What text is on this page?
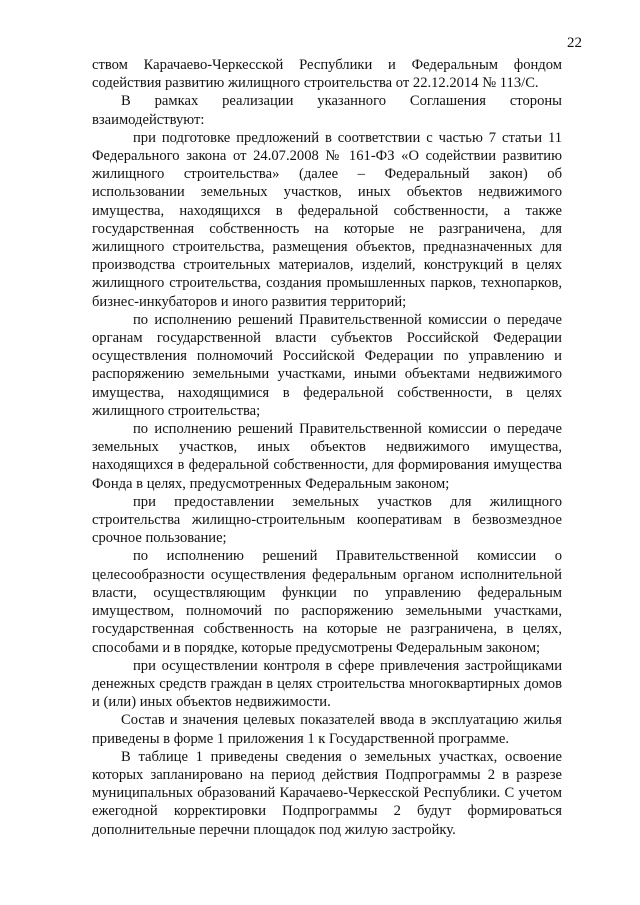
22

ством Карачаево-Черкесской Республики и Федеральным фондом содействия развитию жилищного строительства от 22.12.2014 № 113/С.

В рамках реализации указанного Соглашения стороны взаимодействуют:

при подготовке предложений в соответствии с частью 7 статьи 11 Федерального закона от 24.07.2008 № 161-ФЗ «О содействии развитию жилищного строительства» (далее – Федеральный закон) об использовании земельных участков, иных объектов недвижимого имущества, находящихся в федеральной собственности, а также государственная собственность на которые не разграничена, для жилищного строительства, размещения объектов, предназначенных для производства строительных материалов, изделий, конструкций в целях жилищного строительства, создания промышленных парков, технопарков, бизнес-инкубаторов и иного развития территорий;

по исполнению решений Правительственной комиссии о передаче органам государственной власти субъектов Российской Федерации осуществления полномочий Российской Федерации по управлению и распоряжению земельными участками, иными объектами недвижимого имущества, находящимися в федеральной собственности, в целях жилищного строительства;

по исполнению решений Правительственной комиссии о передаче земельных участков, иных объектов недвижимого имущества, находящихся в федеральной собственности, для формирования имущества Фонда в целях, предусмотренных Федеральным законом;

при предоставлении земельных участков для жилищного строительства жилищно-строительным кооперативам в безвозмездное срочное пользование;

по исполнению решений Правительственной комиссии о целесообразности осуществления федеральным органом исполнительной власти, осуществляющим функции по управлению федеральным имуществом, полномочий по распоряжению земельными участками, государственная собственность на которые не разграничена, в целях, способами и в порядке, которые предусмотрены Федеральным законом;

при осуществлении контроля в сфере привлечения застройщиками денежных средств граждан в целях строительства многоквартирных домов и (или) иных объектов недвижимости.

Состав и значения целевых показателей ввода в эксплуатацию жилья приведены в форме 1 приложения 1 к Государственной программе.

В таблице 1 приведены сведения о земельных участках, освоение которых запланировано на период действия Подпрограммы 2 в разрезе муниципальных образований Карачаево-Черкесской Республики. С учетом ежегодной корректировки Подпрограммы 2 будут формироваться дополнительные перечни площадок под жилую застройку.
